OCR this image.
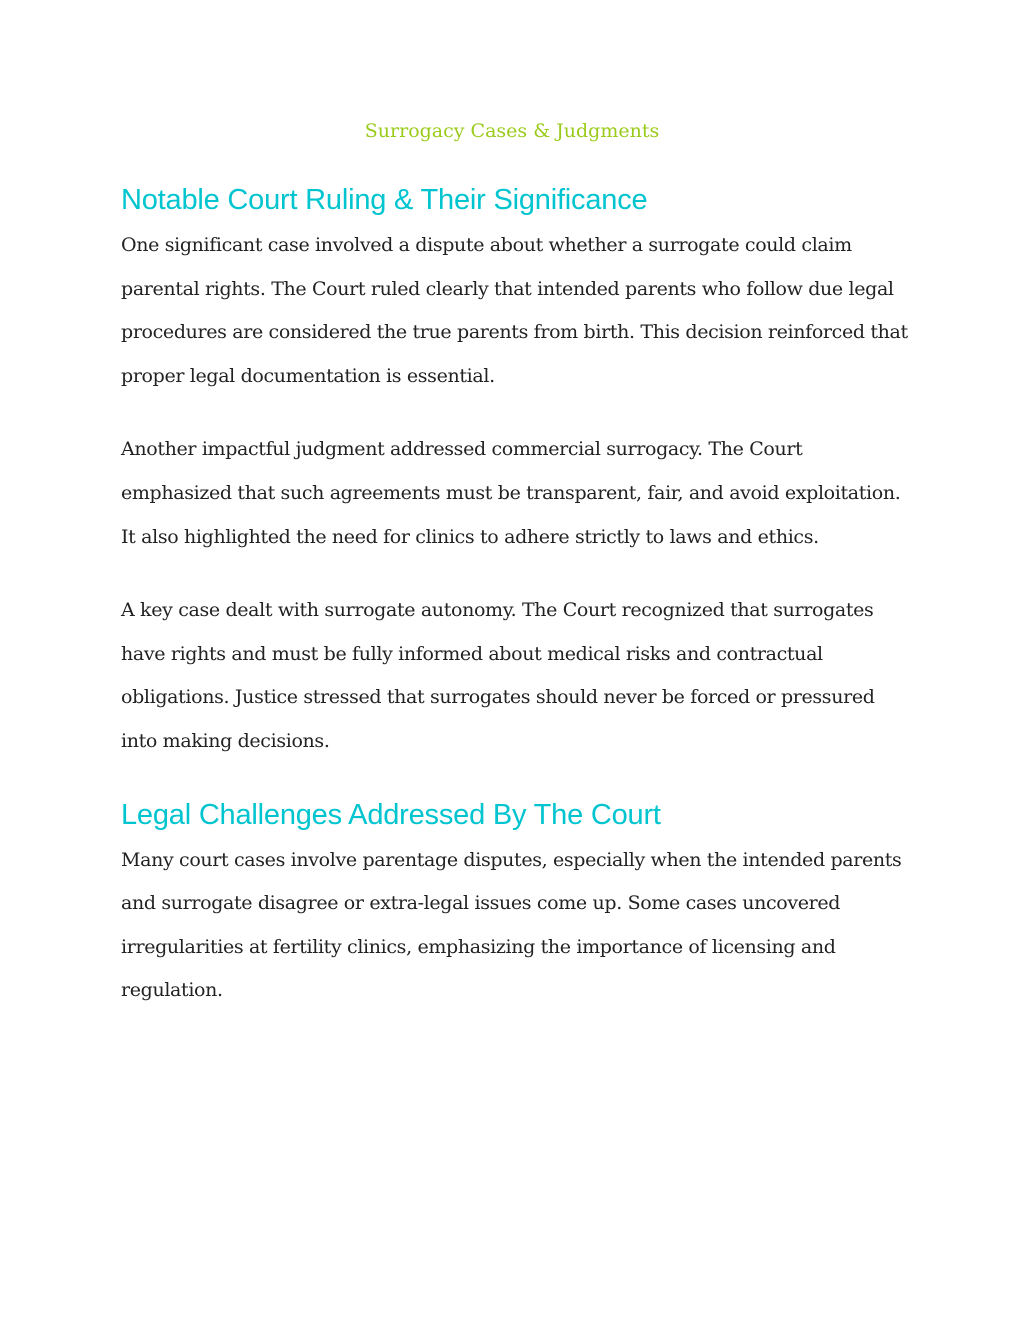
Surrogacy Cases & Judgments
Notable Court Ruling & Their Significance

One significant case involved a dispute about whether a surrogate could claim parental rights. The Court ruled clearly that intended parents who follow due legal procedures are considered the true parents from birth. This decision reinforced that proper legal documentation is essential.

Another impactful judgment addressed commercial surrogacy. The Court emphasized that such agreements must be transparent, fair, and avoid exploitation. It also highlighted the need for clinics to adhere strictly to laws and ethics.

A key case dealt with surrogate autonomy. The Court recognized that surrogates have rights and must be fully informed about medical risks and contractual obligations. Justice stressed that surrogates should never be forced or pressured into making decisions.

Legal Challenges Addressed By The Court

Many court cases involve parentage disputes, especially when the intended parents and surrogate disagree or extra-legal issues come up. Some cases uncovered irregularities at fertility clinics, emphasizing the importance of licensing and regulation.
